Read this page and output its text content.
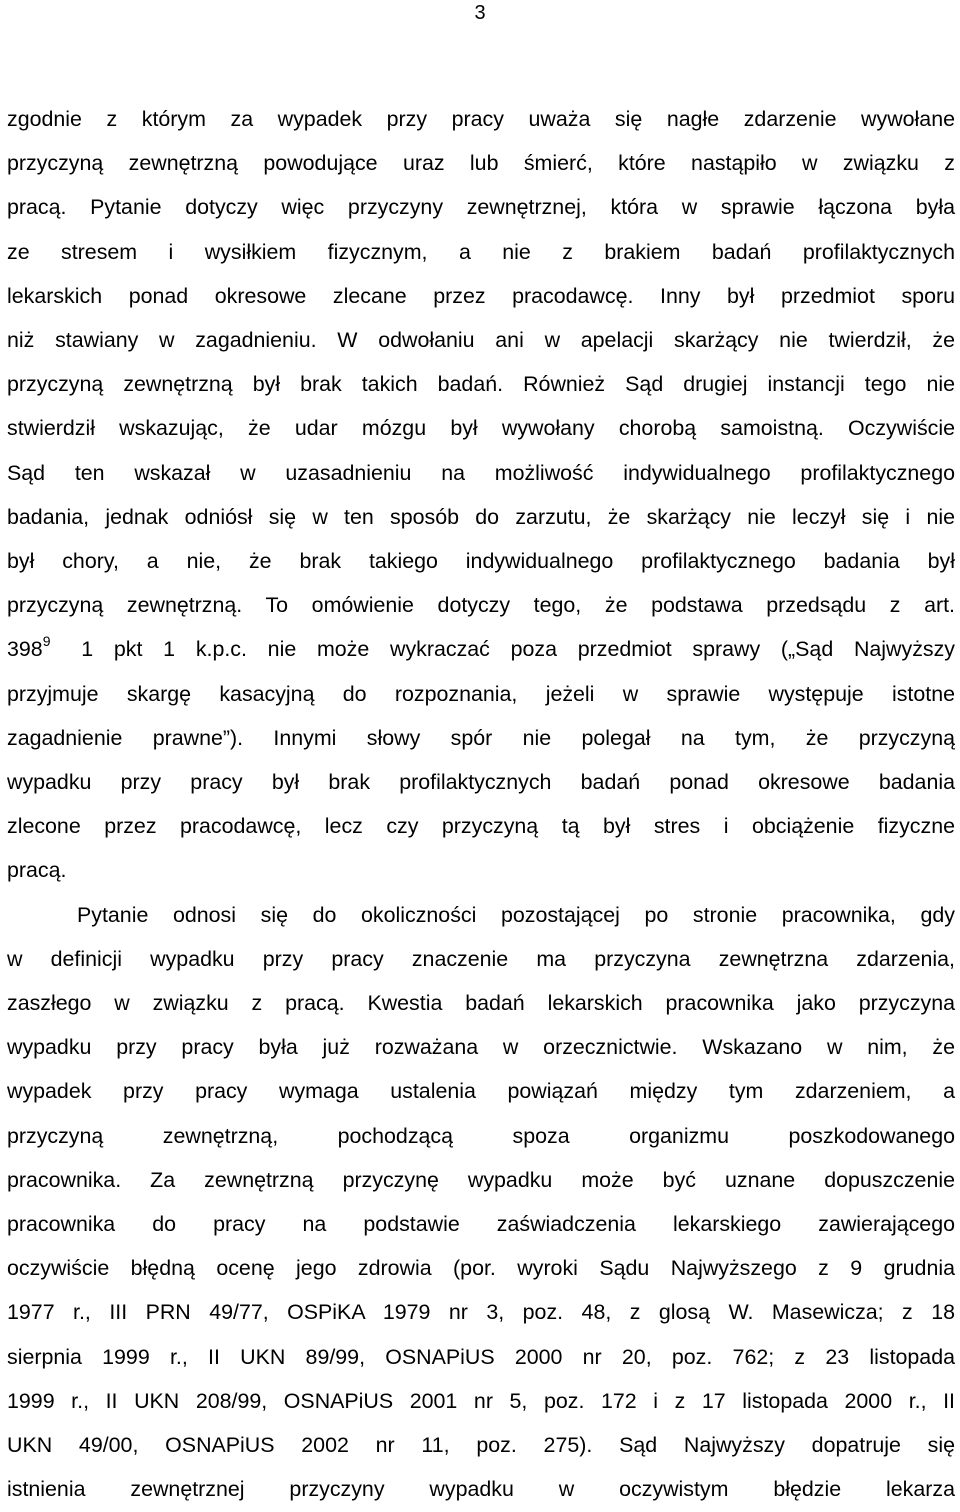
3

zgodnie z którym za wypadek przy pracy uważa się nagłe zdarzenie wywołane

przyczyną zewnętrzną powodujące uraz lub śmierć, które nastąpiło w związku z

pracą. Pytanie dotyczy więc przyczyny zewnętrznej, która w sprawie łączona była

ze stresem i wysiłkiem fizycznym, a nie z brakiem badań profilaktycznych

lekarskich ponad okresowe zlecane przez pracodawcę. Inny był przedmiot sporu

niż stawiany w zagadnieniu. W odwołaniu ani w apelacji skarżący nie twierdził, że

przyczyną zewnętrzną był brak takich badań. Również Sąd drugiej instancji tego nie

stwierdził wskazując, że udar mózgu był wywołany chorobą samoistną. Oczywiście

Sąd ten wskazał w uzasadnieniu na możliwość indywidualnego profilaktycznego

badania, jednak odniósł się w ten sposób do zarzutu, że skarżący nie leczył się i nie

był chory, a nie, że brak takiego indywidualnego profilaktycznego badania był

przyczyną zewnętrzną. To omówienie dotyczy tego, że podstawa przedsądu z art.

$398^9$ 1 pkt 1 k.p.c. nie może wykraczać poza przedmiot sprawy („Sąd Najwyższy

przyjmuje skargę kasacyjną do rozpoznania, jeżeli w sprawie występuje istotne

zagadnienie prawne”). Innymi słowy spór nie polegał na tym, że przyczyną

wypadku przy pracy był brak profilaktycznych badań ponad okresowe badania

zlecone przez pracodawcę, lecz czy przyczyną tą był stres i obciążenie fizyczne

pracą.

Pytanie odnosi się do okoliczności pozostającej po stronie pracownika, gdy

w definicji wypadku przy pracy znaczenie ma przyczyna zewnętrzna zdarzenia,

zaszłego w związku z pracą. Kwestia badań lekarskich pracownika jako przyczyna

wypadku przy pracy była już rozważana w orzecznictwie. Wskazano w nim, że

wypadek przy pracy wymaga ustalenia powiązań między tym zdarzeniem, a

przyczyną zewnętrzną, pochodzącą spoza organizmu poszkodowanego

pracownika. Za zewnętrzną przyczynę wypadku może być uznane dopuszczenie

pracownika do pracy na podstawie zaświadczenia lekarskiego zawierającego

oczywiście błędną ocenę jego zdrowia (por. wyroki Sądu Najwyższego z 9 grudnia

1977 r., III PRN 49/77, OSPiKA 1979 nr 3, poz. 48, z glosą W. Masewicza; z 18

sierpnia 1999 r., II UKN 89/99, OSNAPiUS 2000 nr 20, poz. 762; z 23 listopada

1999 r., II UKN 208/99, OSNAPiUS 2001 nr 5, poz. 172 i z 17 listopada 2000 r., II

UKN 49/00, OSNAPiUS 2002 nr 11, poz. 275). Sąd Najwyższy dopatruje się

istnienia zewnętrznej przyczyny wypadku w oczywistym błędzie lekarza
